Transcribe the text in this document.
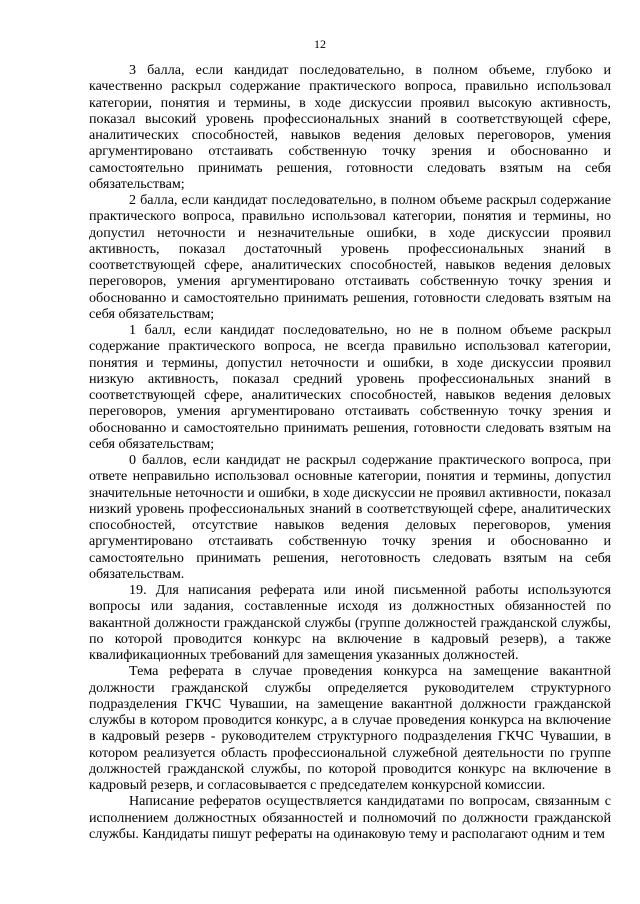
12

3 балла, если кандидат последовательно, в полном объеме, глубоко и качественно раскрыл содержание практического вопроса, правильно использовал категории, понятия и термины, в ходе дискуссии проявил высокую активность, показал высокий уровень профессиональных знаний в соответствующей сфере, аналитических способностей, навыков ведения деловых переговоров, умения аргументировано отстаивать собственную точку зрения и обоснованно и самостоятельно принимать решения, готовности следовать взятым на себя обязательствам;

2 балла, если кандидат последовательно, в полном объеме раскрыл содержание практического вопроса, правильно использовал категории, понятия и термины, но допустил неточности и незначительные ошибки, в ходе дискуссии проявил активность, показал достаточный уровень профессиональных знаний в соответствующей сфере, аналитических способностей, навыков ведения деловых переговоров, умения аргументировано отстаивать собственную точку зрения и обоснованно и самостоятельно принимать решения, готовности следовать взятым на себя обязательствам;

1 балл, если кандидат последовательно, но не в полном объеме раскрыл содержание практического вопроса, не всегда правильно использовал категории, понятия и термины, допустил неточности и ошибки, в ходе дискуссии проявил низкую активность, показал средний уровень профессиональных знаний в соответствующей сфере, аналитических способностей, навыков ведения деловых переговоров, умения аргументировано отстаивать собственную точку зрения и обоснованно и самостоятельно принимать решения, готовности следовать взятым на себя обязательствам;

0 баллов, если кандидат не раскрыл содержание практического вопроса, при ответе неправильно использовал основные категории, понятия и термины, допустил значительные неточности и ошибки, в ходе дискуссии не проявил активности, показал низкий уровень профессиональных знаний в соответствующей сфере, аналитических способностей, отсутствие навыков ведения деловых переговоров, умения аргументировано отстаивать собственную точку зрения и обоснованно и самостоятельно принимать решения, неготовность следовать взятым на себя обязательствам.

19. Для написания реферата или иной письменной работы используются вопросы или задания, составленные исходя из должностных обязанностей по вакантной должности гражданской службы (группе должностей гражданской службы, по которой проводится конкурс на включение в кадровый резерв), а также квалификационных требований для замещения указанных должностей.

Тема реферата в случае проведения конкурса на замещение вакантной должности гражданской службы определяется руководителем структурного подразделения ГКЧС Чувашии, на замещение вакантной должности гражданской службы в котором проводится конкурс, а в случае проведения конкурса на включение в кадровый резерв - руководителем структурного подразделения ГКЧС Чувашии, в котором реализуется область профессиональной служебной деятельности по группе должностей гражданской службы, по которой проводится конкурс на включение в кадровый резерв, и согласовывается с председателем конкурсной комиссии.

Написание рефератов осуществляется кандидатами по вопросам, связанным с исполнением должностных обязанностей и полномочий по должности гражданской службы. Кандидаты пишут рефераты на одинаковую тему и располагают одним и тем
